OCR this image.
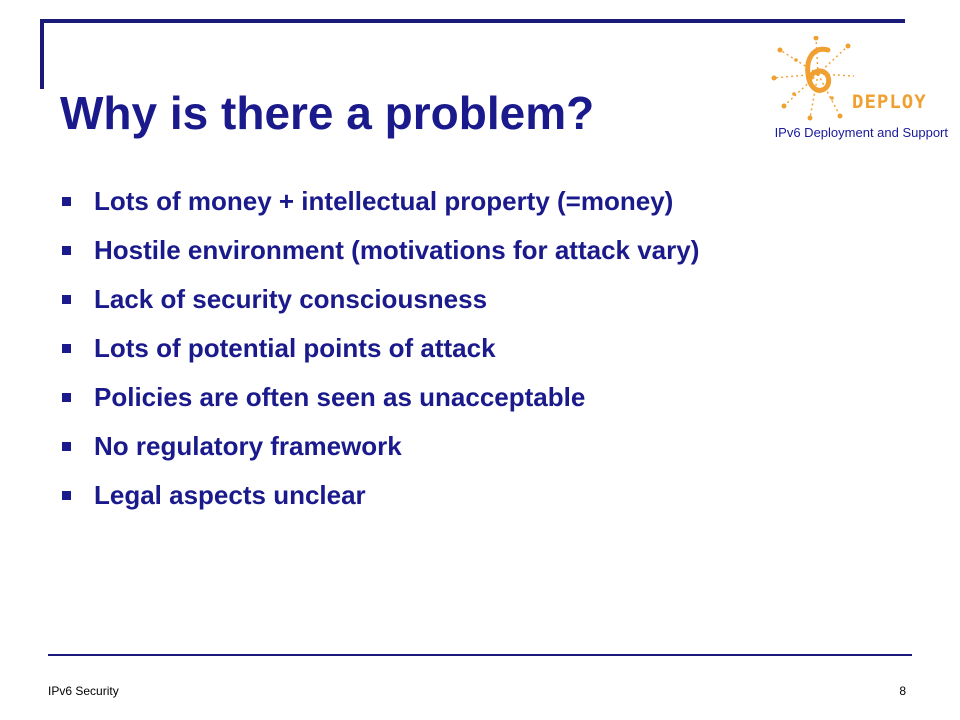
Why is there a problem?	DEPLOY
IPv6 Deployment and Support
Lots of money + intellectual property (=money)
Hostile environment (motivations for attack vary)
Lack of security consciousness
Lots of potential points of attack
Policies are often seen as unacceptable
No regulatory framework
Legal aspects unclear
IPv6 Security	8
